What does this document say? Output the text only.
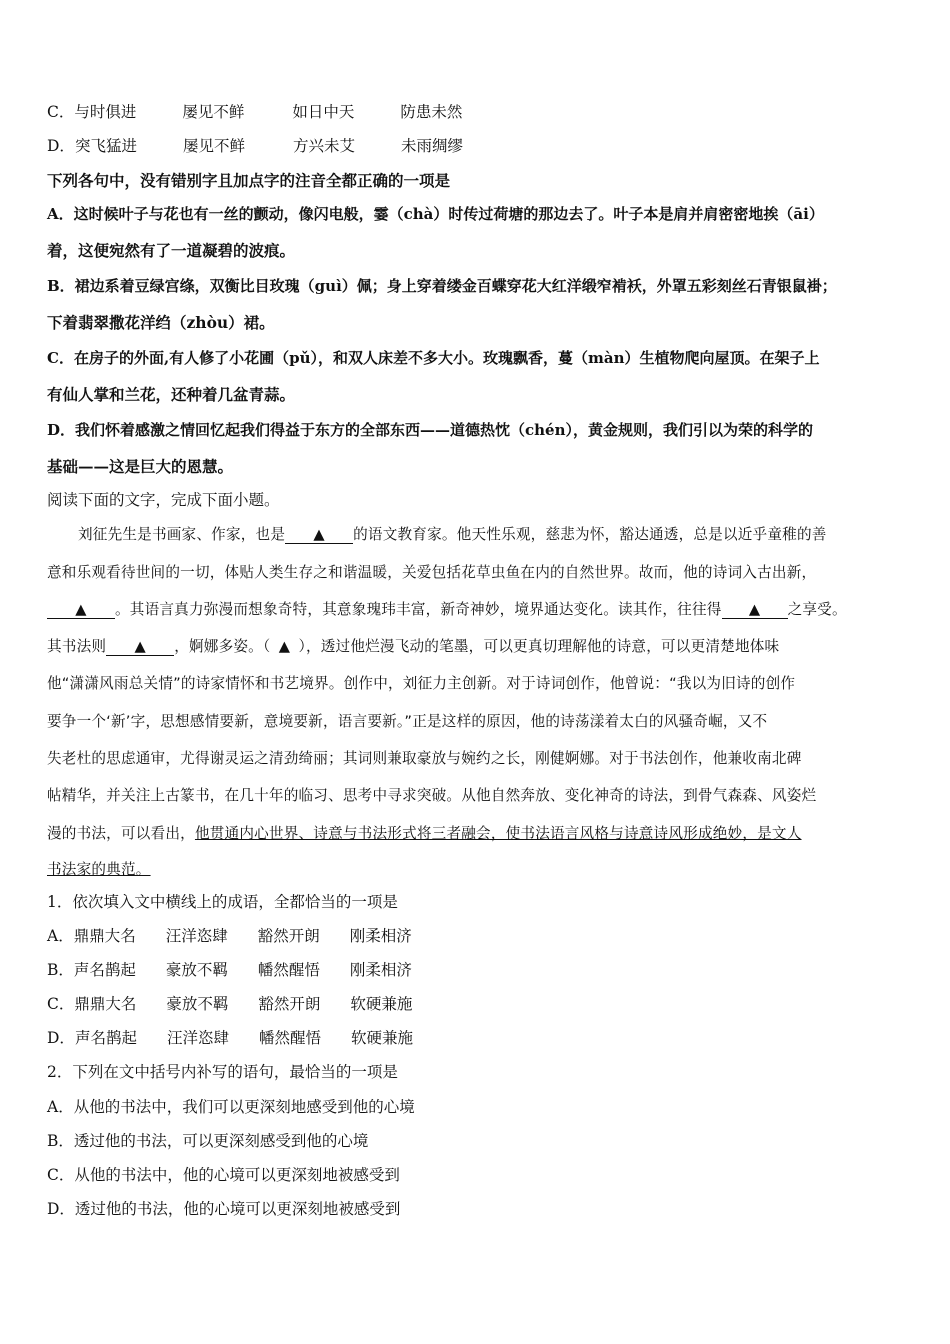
C．与时俱进	屡见不鲜	如日中天	防患未然
D．突飞猛进	屡见不鲜	方兴未艾	未雨绸缪
下列各句中，没有错别字且加点字的注音全都正确的一项是
A．这时候叶子与花也有一丝的颤动，像闪电般，霎（chà）时传过荷塘的那边去了。叶子本是肩并肩密密地挨（āi）
着，这便宛然有了一道凝碧的波痕。
B．裙边系着豆绿宫绦，双衡比目玫瑰（guì）佩；身上穿着缕金百蝶穿花大红洋缎窄褃袄，外罩五彩刻丝石青银鼠褂；
下着翡翠撒花洋绉（zhòu）裙。
C．在房子的外面,有人修了小花圃（pǔ），和双人床差不多大小。玫瑰飘香，蔓（màn）生植物爬向屋顶。在架子上
有仙人掌和兰花，还种着几盆青蒜。
D．我们怀着感激之情回忆起我们得益于东方的全部东西——道德热忱（chén），黄金规则，我们引以为荣的科学的
基础——这是巨大的恩慧。
阅读下面的文字，完成下面小题。
刘征先生是书画家、作家，也是 ▲ 的语文教育家。他天性乐观，慈悲为怀，豁达通透，总是以近乎童稚的善
意和乐观看待世间的一切，体贴人类生存之和谐温暖，关爱包括花草虫鱼在内的自然世界。故而，他的诗词入古出新，
▲ 。其语言真力弥漫而想象奇特，其意象瑰玮丰富，新奇神妙，境界通达变化。读其作，往往得 ▲ 之享受。
其书法则 ▲ ，婀娜多姿。（ ▲ ），透过他烂漫飞动的笔墨，可以更真切理解他的诗意，可以更清楚地体味
他“潇潇风雨总关情”的诗家情怀和书艺境界。创作中，刘征力主创新。对于诗词创作，他曾说：“我以为旧诗的创作
要争一个‘新’字，思想感情要新，意境要新，语言要新。”正是这样的原因，他的诗荡漾着太白的风骚奇崛，又不
失老杜的思虑通审，尤得谢灵运之清劲绮丽；其词则兼取豪放与婉约之长，刚健婀娜。对于书法创作，他兼收南北碑
帖精华，并关注上古篆书，在几十年的临习、思考中寻求突破。从他自然奔放、变化神奇的诗法，到骨气森森、风姿烂
漫的书法，可以看出，他贯通内心世界、诗意与书法形式将三者融会，使书法语言风格与诗意诗风形成绝妙，是文人
书法家的典范。
1．依次填入文中横线上的成语，全都恰当的一项是
A．鼎鼎大名 汪洋恣肆 豁然开朗 刚柔相济
B．声名鹊起 豪放不羁 幡然醒悟 刚柔相济
C．鼎鼎大名 豪放不羁 豁然开朗 软硬兼施
D．声名鹊起 汪洋恣肆 幡然醒悟 软硬兼施
2．下列在文中括号内补写的语句，最恰当的一项是
A．从他的书法中，我们可以更深刻地感受到他的心境
B．透过他的书法，可以更深刻感受到他的心境
C．从他的书法中，他的心境可以更深刻地被感受到
D．透过他的书法，他的心境可以更深刻地被感受到
